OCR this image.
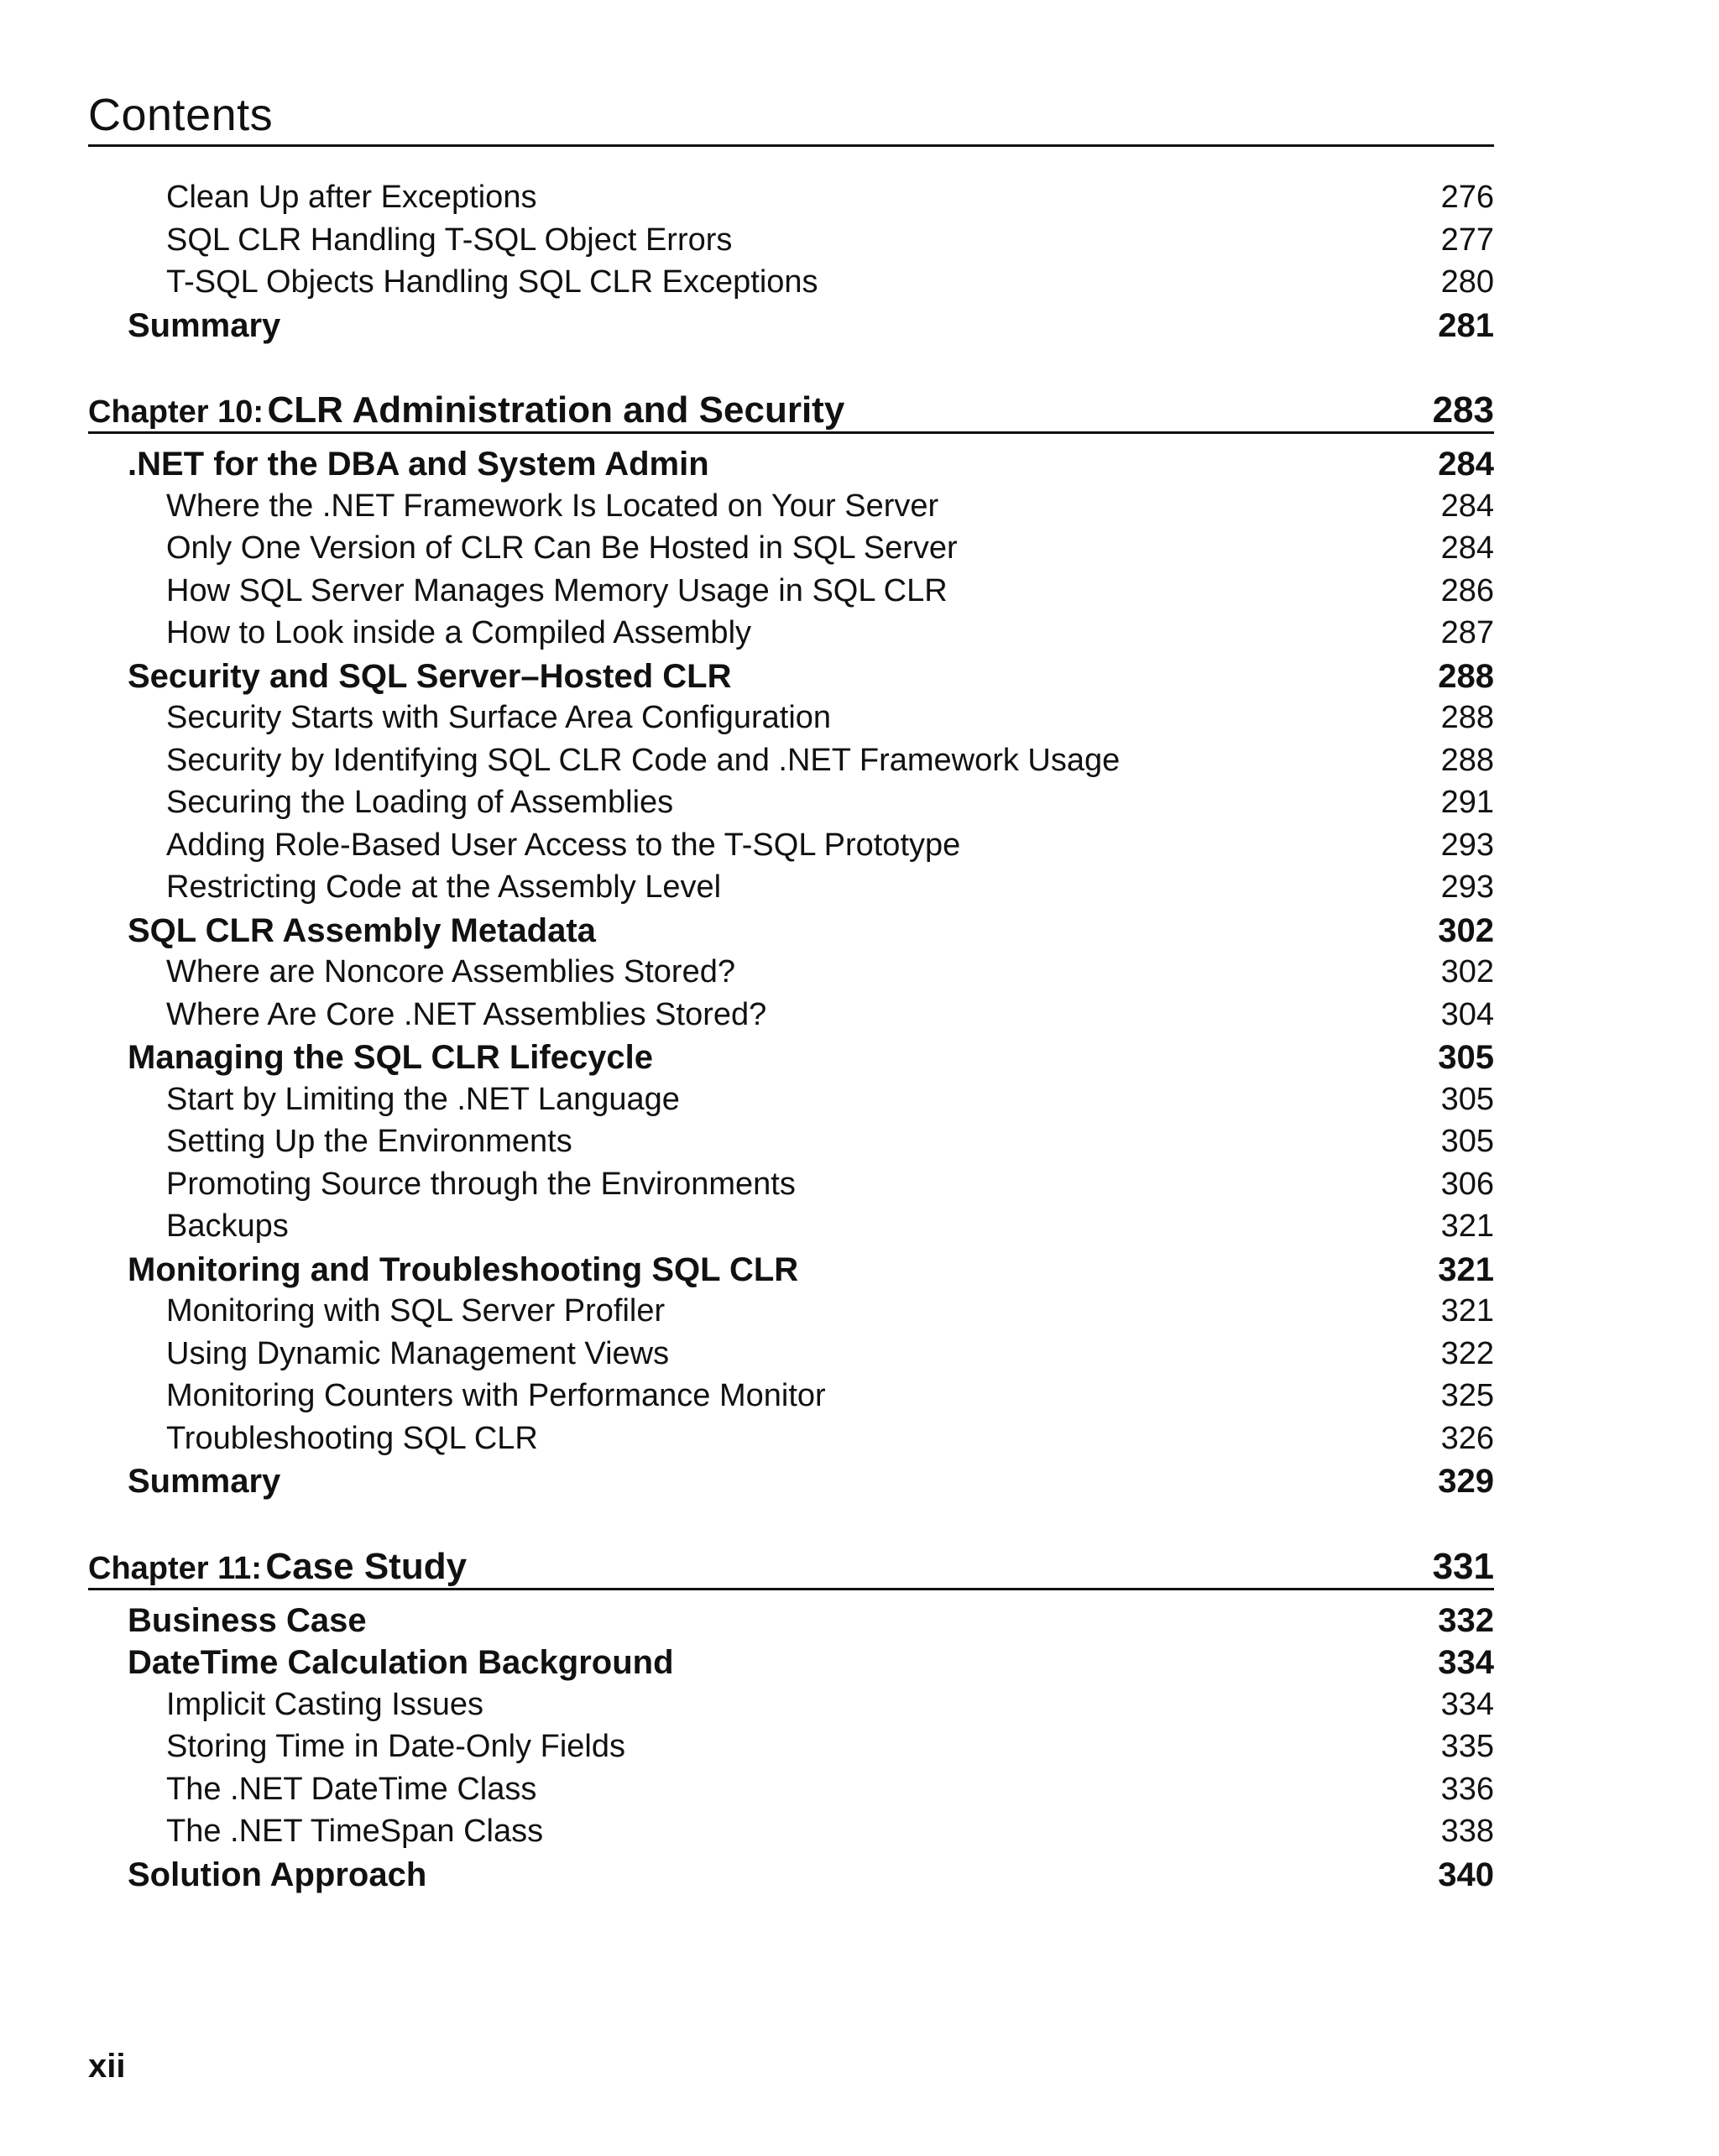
Contents
Clean Up after Exceptions	276
SQL CLR Handling T-SQL Object Errors	277
T-SQL Objects Handling SQL CLR Exceptions	280
Summary	281
Chapter 10:
CLR Administration and Security	283
.NET for the DBA and System Admin	284
Where the .NET Framework Is Located on Your Server	284
Only One Version of CLR Can Be Hosted in SQL Server	284
How SQL Server Manages Memory Usage in SQL CLR	286
How to Look inside a Compiled Assembly	287
Security and SQL Server–Hosted CLR	288
Security Starts with Surface Area Configuration	288
Security by Identifying SQL CLR Code and .NET Framework Usage	288
Securing the Loading of Assemblies	291
Adding Role-Based User Access to the T-SQL Prototype	293
Restricting Code at the Assembly Level	293
SQL CLR Assembly Metadata	302
Where are Noncore Assemblies Stored?	302
Where Are Core .NET Assemblies Stored?	304
Managing the SQL CLR Lifecycle	305
Start by Limiting the .NET Language	305
Setting Up the Environments	305
Promoting Source through the Environments	306
Backups	321
Monitoring and Troubleshooting SQL CLR	321
Monitoring with SQL Server Profiler	321
Using Dynamic Management Views	322
Monitoring Counters with Performance Monitor	325
Troubleshooting SQL CLR	326
Summary	329
Chapter 11:
Case Study	331
Business Case	332
DateTime Calculation Background	334
Implicit Casting Issues	334
Storing Time in Date-Only Fields	335
The .NET DateTime Class	336
The .NET TimeSpan Class	338
Solution Approach	340
xii
